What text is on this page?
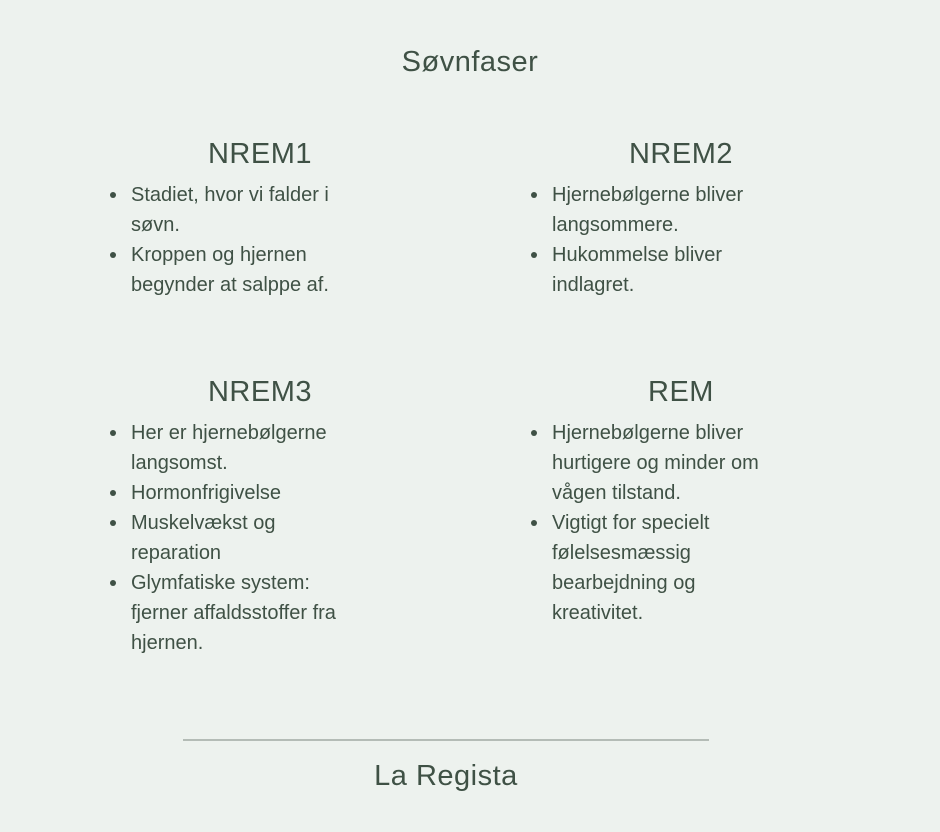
Søvnfaser
NREM1
Stadiet, hvor vi falder i søvn.
Kroppen og hjernen begynder at salppe af.
NREM2
Hjernebølgerne bliver langsommere.
Hukommelse bliver indlagret.
NREM3
Her er hjernebølgerne langsomst.
Hormonfrigivelse
Muskelvækst og reparation
Glymfatiske system: fjerner affaldsstoffer fra hjernen.
REM
Hjernebølgerne bliver hurtigere og minder om vågen tilstand.
Vigtigt for specielt følelsesmæssig bearbejdning og kreativitet.
La Regista
